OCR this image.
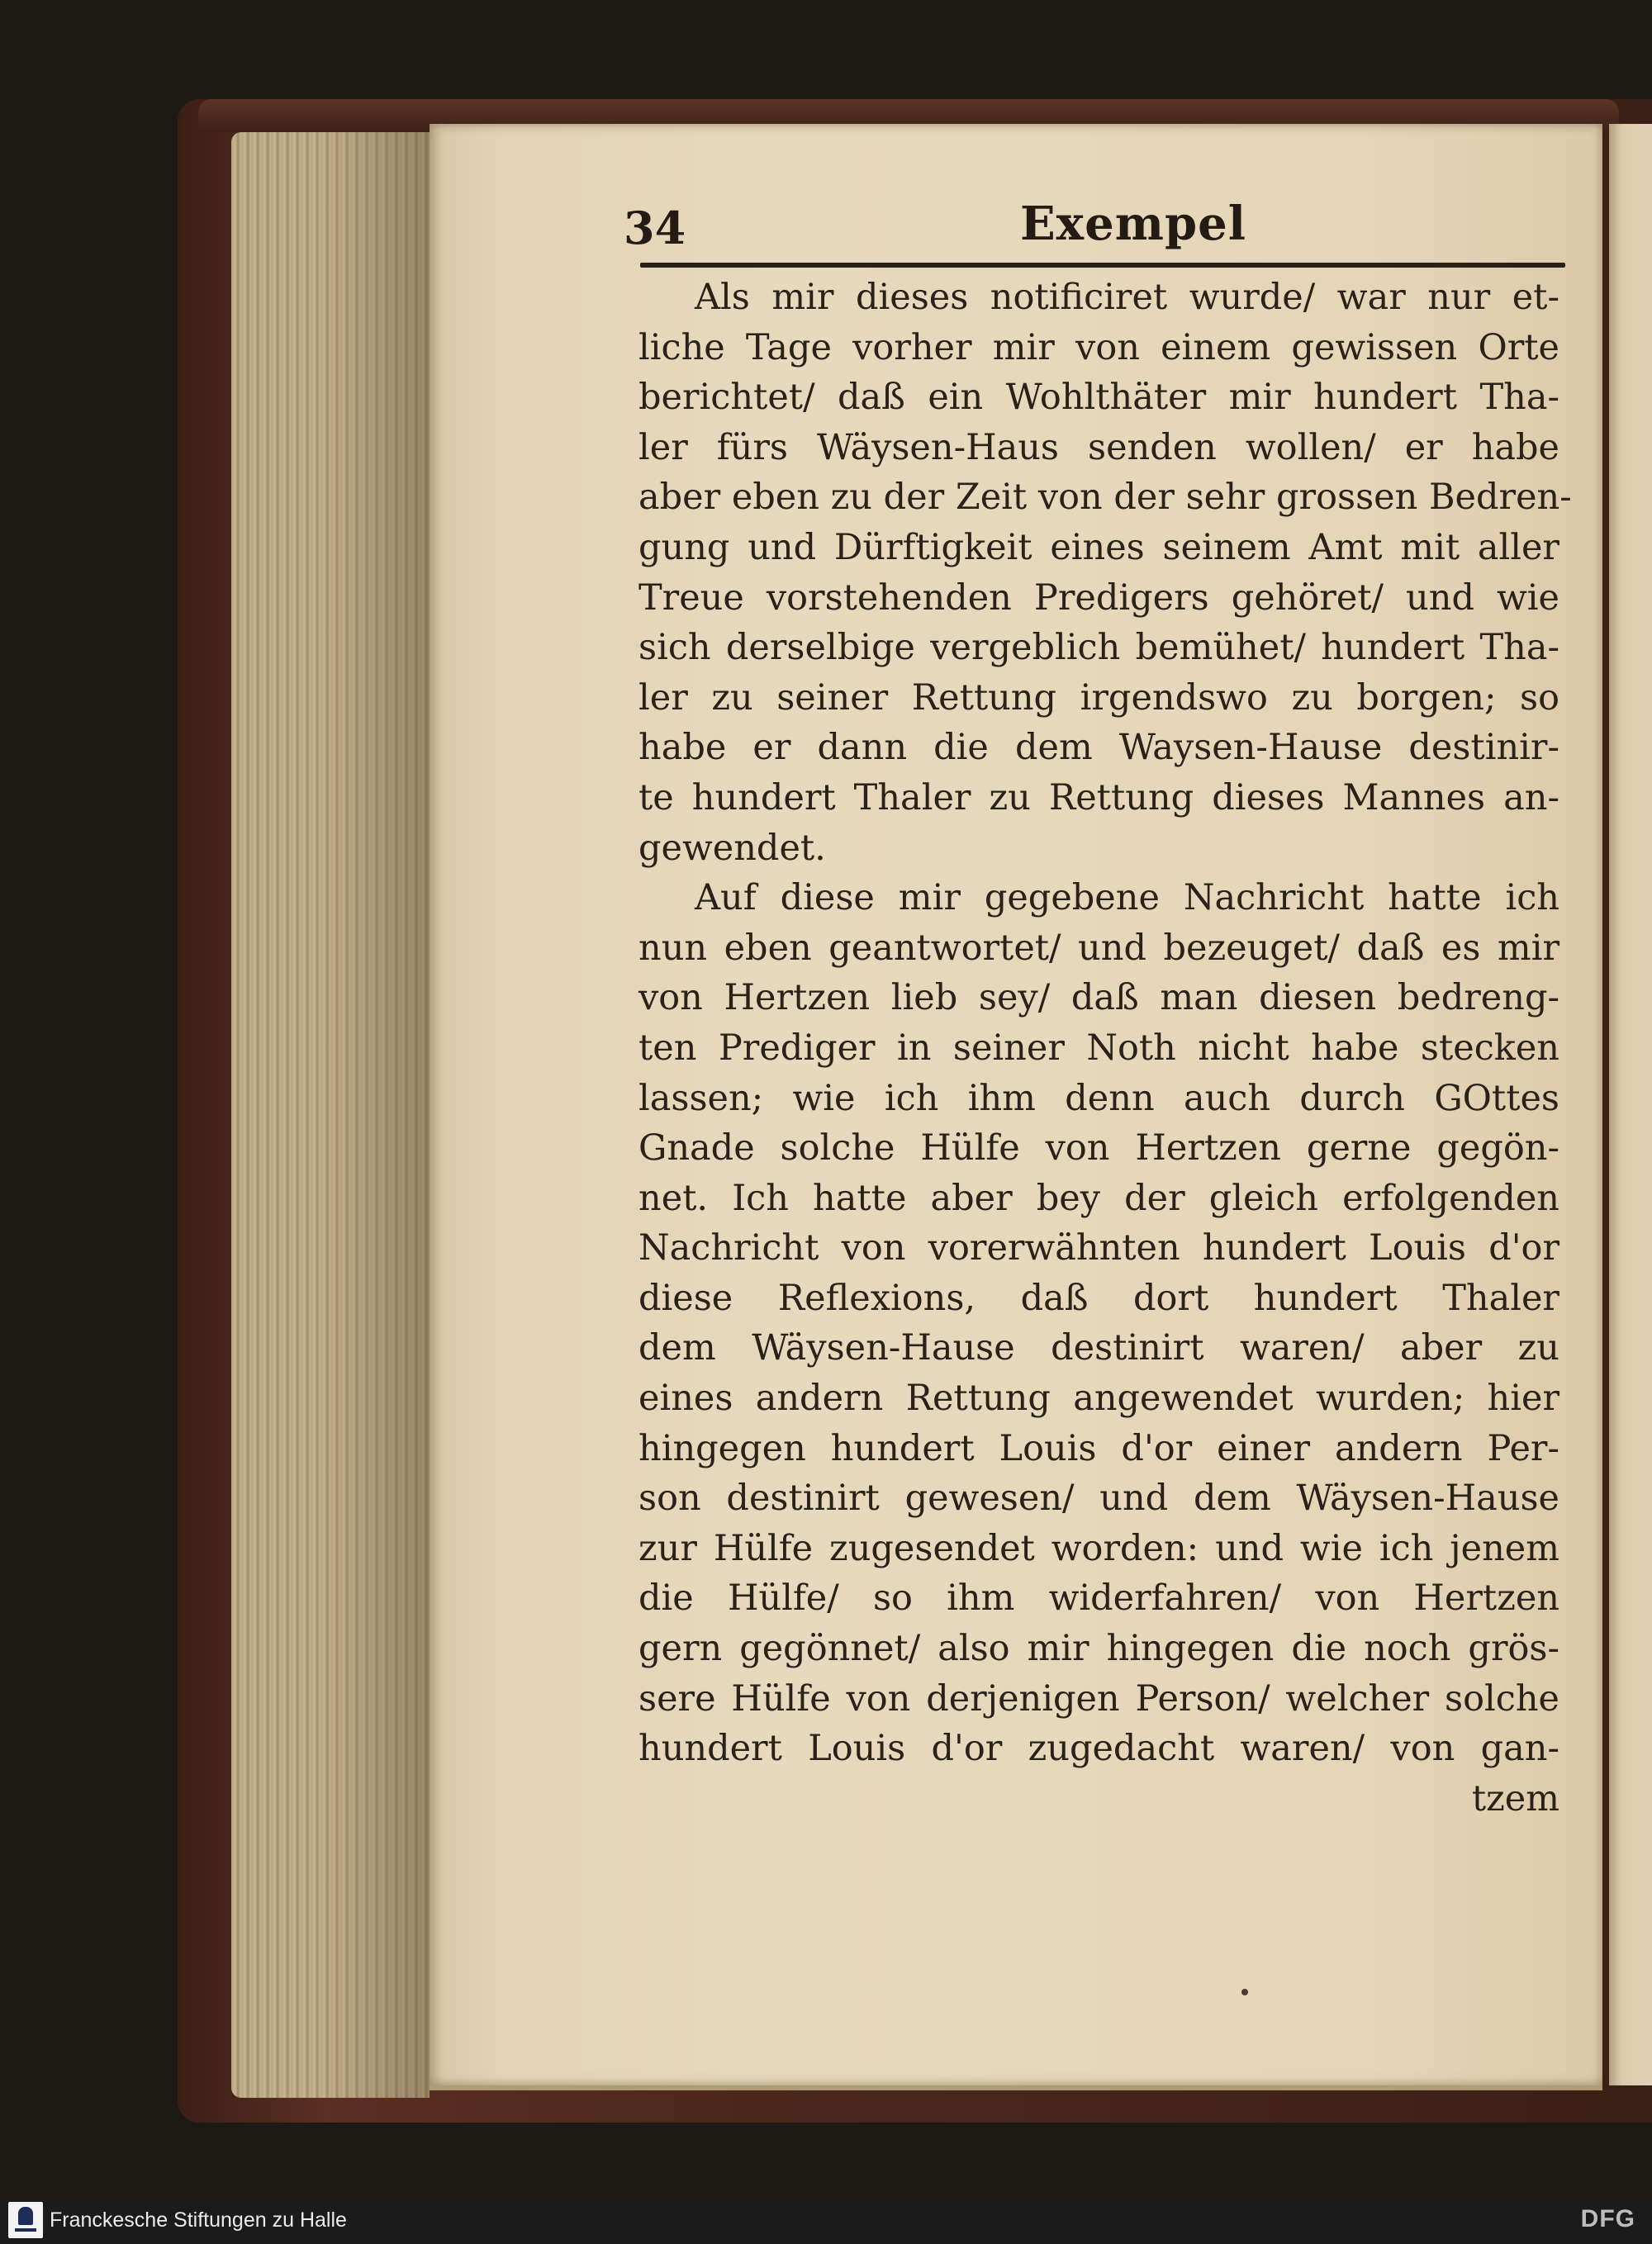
34	Exempel
Als mir dieses notificiret wurde/ war nur et-
liche Tage vorher mir von einem gewissen Orte
berichtet/ daß ein Wohlthäter mir hundert Tha-
ler fürs Wäysen-Haus senden wollen/ er habe
aber eben zu der Zeit von der sehr grossen Bedren-
gung und Dürftigkeit eines seinem Amt mit aller
Treue vorstehenden Predigers gehöret/ und wie
sich derselbige vergeblich bemühet/ hundert Tha-
ler zu seiner Rettung irgendswo zu borgen; so
habe er dann die dem Waysen-Hause destinir-
te hundert Thaler zu Rettung dieses Mannes an-
gewendet.
Auf diese mir gegebene Nachricht hatte ich
nun eben geantwortet/ und bezeuget/ daß es mir
von Hertzen lieb sey/ daß man diesen bedreng-
ten Prediger in seiner Noth nicht habe stecken
lassen; wie ich ihm denn auch durch GOttes
Gnade solche Hülfe von Hertzen gerne gegön-
net. Ich hatte aber bey der gleich erfolgenden
Nachricht von vorerwähnten hundert Louis d'or
diese Reflexions, daß dort hundert Thaler
dem Wäysen-Hause destinirt waren/ aber zu
eines andern Rettung angewendet wurden; hier
hingegen hundert Louis d'or einer andern Per-
son destinirt gewesen/ und dem Wäysen-Hause
zur Hülfe zugesendet worden: und wie ich jenem
die Hülfe/ so ihm widerfahren/ von Hertzen
gern gegönnet/ also mir hingegen die noch grös-
sere Hülfe von derjenigen Person/ welcher solche
hundert Louis d'or zugedacht waren/ von gan-
tzem
Franckesche Stiftungen zu Halle	DFG
